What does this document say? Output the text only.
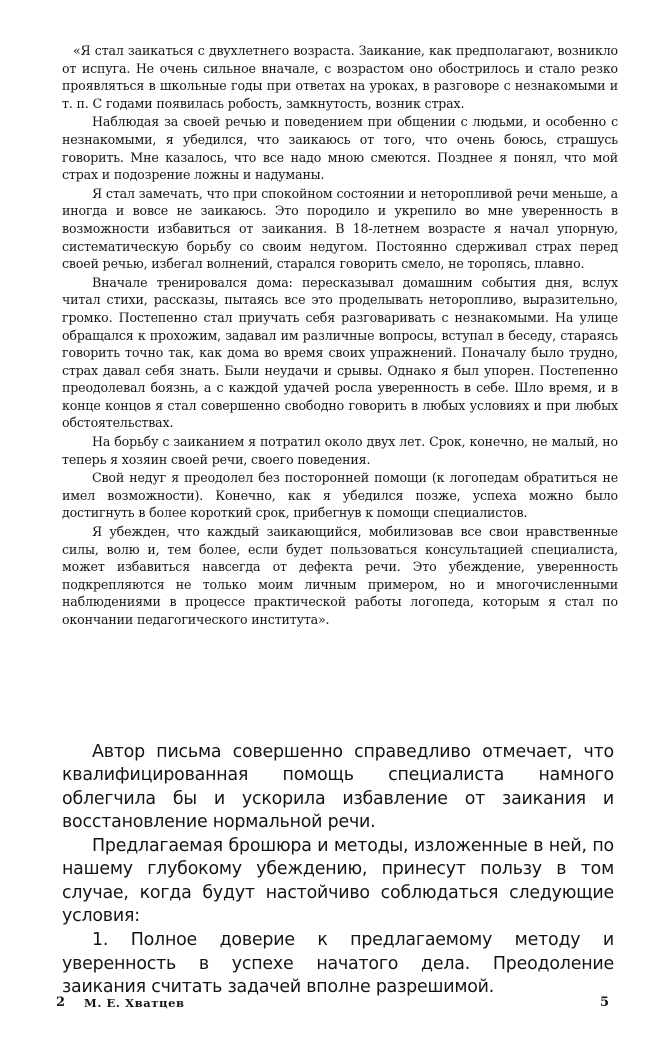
«Я стал заикаться с двухлетнего возраста. Заикание, как предполагают, возникло от испуга. Не очень сильное вначале, с возрастом оно обострилось и стало резко проявляться в школьные годы при ответах на уроках, в разговоре с незнакомыми и т. п. С годами появилась робость, замкнутость, возник страх.

Наблюдая за своей речью и поведением при общении с людьми, и особенно с незнакомыми, я убедился, что заикаюсь от того, что очень боюсь, страшусь говорить. Мне казалось, что все надо мною смеются. Позднее я понял, что мой страх и подозрение ложны и надуманы.

Я стал замечать, что при спокойном состоянии и неторопливой речи меньше, а иногда и вовсе не заикаюсь. Это породило и укрепило во мне уверенность в возможности избавиться от заикания. В 18-летнем возрасте я начал упорную, систематическую борьбу со своим недугом. Постоянно сдерживал страх перед своей речью, избегал волнений, старался говорить смело, не торопясь, плавно.

Вначале тренировался дома: пересказывал домашним события дня, вслух читал стихи, рассказы, пытаясь все это проделывать неторопливо, выразительно, громко. Постепенно стал приучать себя разговаривать с незнакомыми. На улице обращался к прохожим, задавал им различные вопросы, вступал в беседу, стараясь говорить точно так, как дома во время своих упражнений. Поначалу было трудно, страх давал себя знать. Были неудачи и срывы. Однако я был упорен. Постепенно преодолевал боязнь, а с каждой удачей росла уверенность в себе. Шло время, и в конце концов я стал совершенно свободно говорить в любых условиях и при любых обстоятельствах.

На борьбу с заиканием я потратил около двух лет. Срок, конечно, не малый, но теперь я хозяин своей речи, своего поведения.

Свой недуг я преодолел без посторонней помощи (к логопедам обратиться не имел возможности). Конечно, как я убедился позже, успеха можно было достигнуть в более короткий срок, прибегнув к помощи специалистов.

Я убежден, что каждый заикающийся, мобилизовав все свои нравственные силы, волю и, тем более, если будет пользоваться консультацией специалиста, может избавиться навсегда от дефекта речи. Это убеждение, уверенность подкрепляются не только моим личным примером, но и многочисленными наблюдениями в процессе практической работы логопеда, которым я стал по окончании педагогического института».

Автор письма совершенно справедливо отмечает, что квалифицированная помощь специалиста намного облегчила бы и ускорила избавление от заикания и восстановление нормальной речи.

Предлагаемая брошюра и методы, изложенные в ней, по нашему глубокому убеждению, принесут пользу в том случае, когда будут настойчиво соблюдаться следующие условия:

1. Полное доверие к предлагаемому методу и уверенность в успехе начатого дела. Преодоление заикания считать задачей вполне разрешимой.

2 М. Е. Хватцев	5
